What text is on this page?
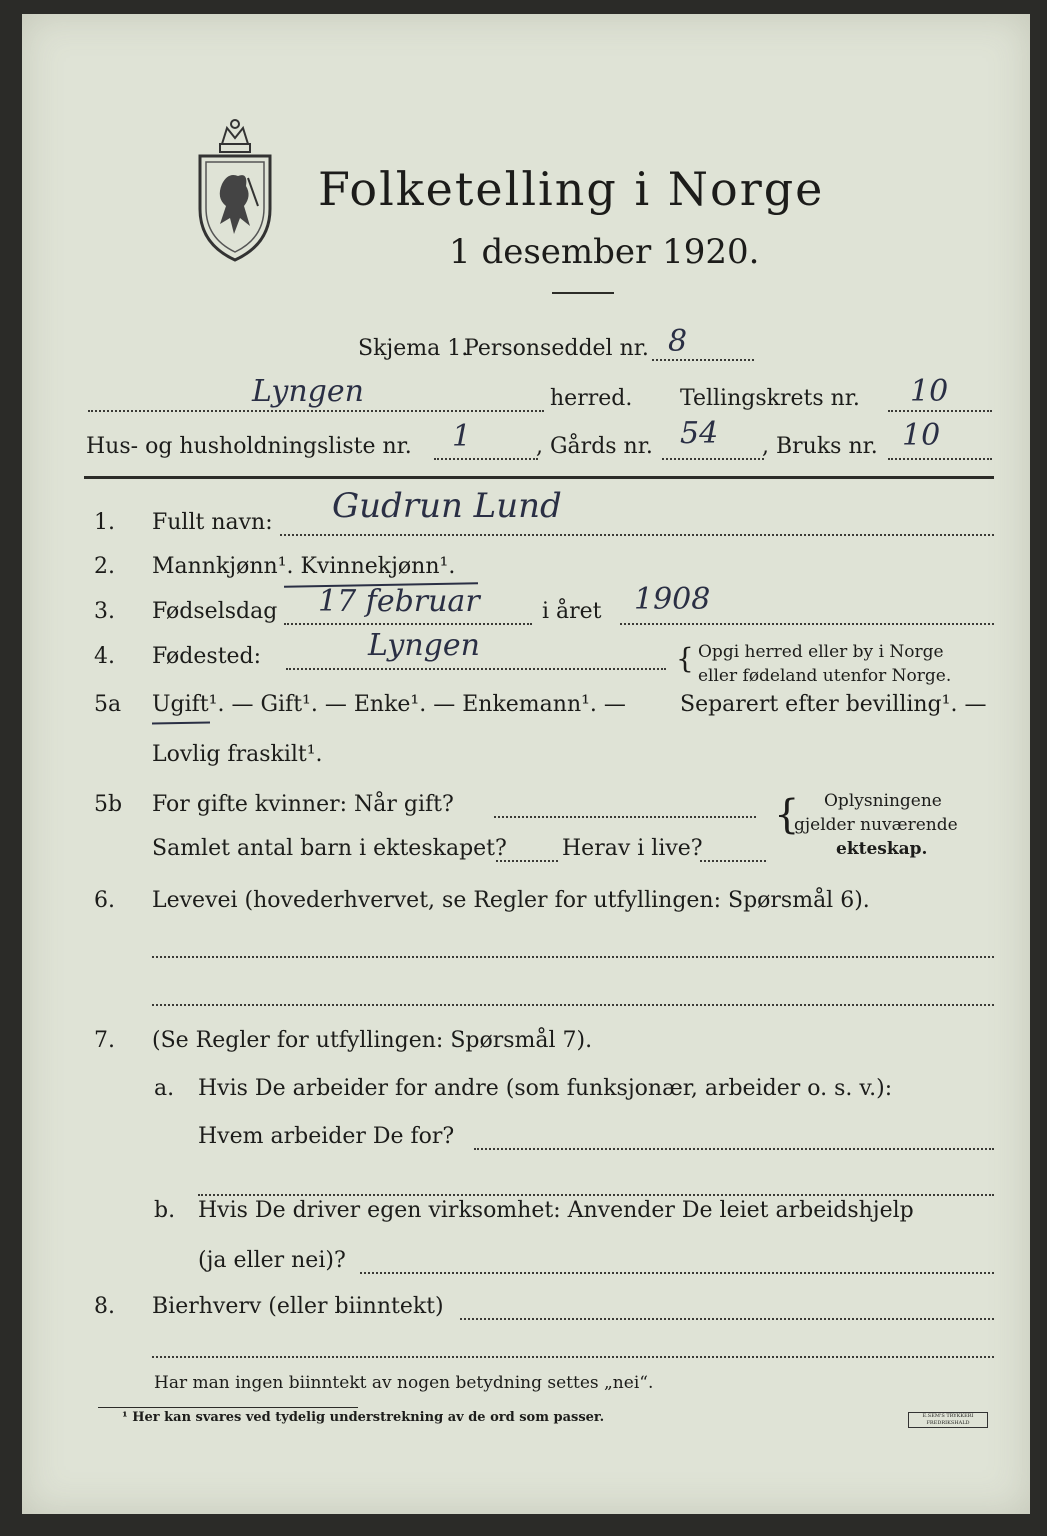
Folketelling i Norge
1 desember 1920.
Skjema 1.
Personseddel nr. 8
Lyngen	herred. Tellingskrets nr. 10
Hus- og husholdningsliste nr. 1	, Gårds nr. 54 , Bruks nr. 10
1. Fullt navn: Gudrun Lund
2. Mannkjønn¹. Kvinnekjønn¹.
3. Fødselsdag 17 februar	i året 1908
4. Fødested:	Lyngen	{ Opgi herred eller by i Norge
eller fødeland utenfor Norge.
5a Ugift¹. — Gift¹. — Enke¹. — Enkemann¹. — Separert efter bevilling¹. —
Lovlig fraskilt¹.
5b For gifte kvinner: Når gift?
Samlet antal barn i ekteskapet?	Herav i live?
{ Oplysningene
gjelder nuværende
ekteskap.
6. Levevei (hovederhvervet, se Regler for utfyllingen: Spørsmål 6).
7. (Se Regler for utfyllingen: Spørsmål 7).
a. Hvis De arbeider for andre (som funksjonær, arbeider o. s. v.):
Hvem arbeider De for?
b. Hvis De driver egen virksomhet: Anvender De leiet arbeidshjelp
(ja eller nei)?
8. Bierhverv (eller biinntekt)
Har man ingen biinntekt av nogen betydning settes „nei“.
¹ Her kan svares ved tydelig understrekning av de ord som passer.	E.SEM'S TRYKKERI FREDRIKSHALD
